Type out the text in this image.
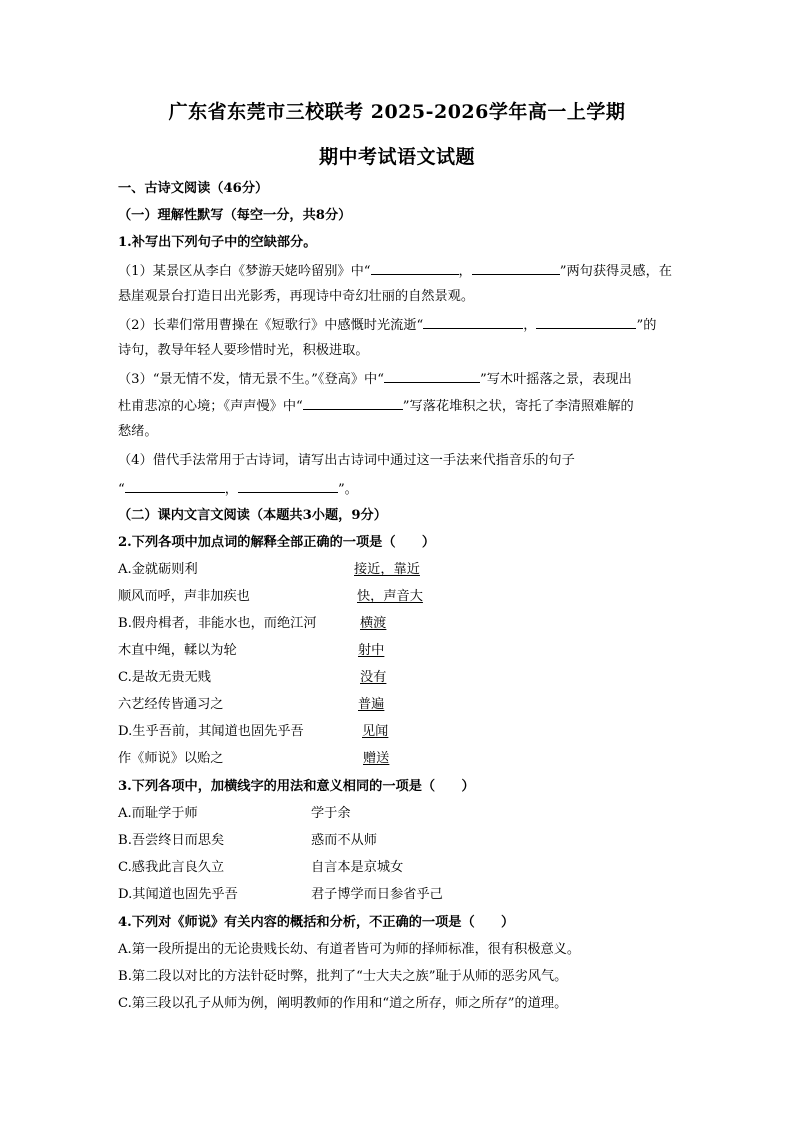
广东省东莞市三校联考 2025-2026学年高一上学期
期中考试语文试题
一、古诗文阅读（46分）
（一）理解性默写（每空一分，共8分）
1.补写出下列句子中的空缺部分。
（1）某景区从李白《梦游天姥吟留别》中“	，	”两句获得灵感，在
悬崖观景台打造日出光影秀，再现诗中奇幻壮丽的自然景观。
（2）长辈们常用曹操在《短歌行》中感慨时光流逝“	，	”的
诗句，教导年轻人要珍惜时光，积极进取。
（3）“景无情不发，情无景不生。”《登高》中“	”写木叶摇落之景，表现出
杜甫悲凉的心境；《声声慢》中“	”写落花堆积之状，寄托了李清照难解的
愁绪。
（4）借代手法常用于古诗词，请写出古诗词中通过这一手法来代指音乐的句子
“	，	”。
（二）课内文言文阅读（本题共3小题，9分）
2.下列各项中加点词的解释全部正确的一项是（　　）
A.金就砺则利	接近，靠近
顺风而呼，声非加疾也	快，声音大
B.假舟楫者，非能水也，而绝江河	横渡
木直中绳，輮以为轮	射中
C.是故无贵无贱	没有
六艺经传皆通习之	普遍
D.生乎吾前，其闻道也固先乎吾	见闻
作《师说》以贻之	赠送
3.下列各项中，加横线字的用法和意义相同的一项是（　　）
A.而耻学于师	学于余
B.吾尝终日而思矣	惑而不从师
C.感我此言良久立	自言本是京城女
D.其闻道也固先乎吾	君子博学而日参省乎己
4.下列对《师说》有关内容的概括和分析，不正确的一项是（　　）
A.第一段所提出的无论贵贱长幼、有道者皆可为师的择师标准，很有积极意义。
B.第二段以对比的方法针砭时弊，批判了“士大夫之族”耻于从师的恶劣风气。
C.第三段以孔子从师为例，阐明教师的作用和“道之所存，师之所存”的道理。
